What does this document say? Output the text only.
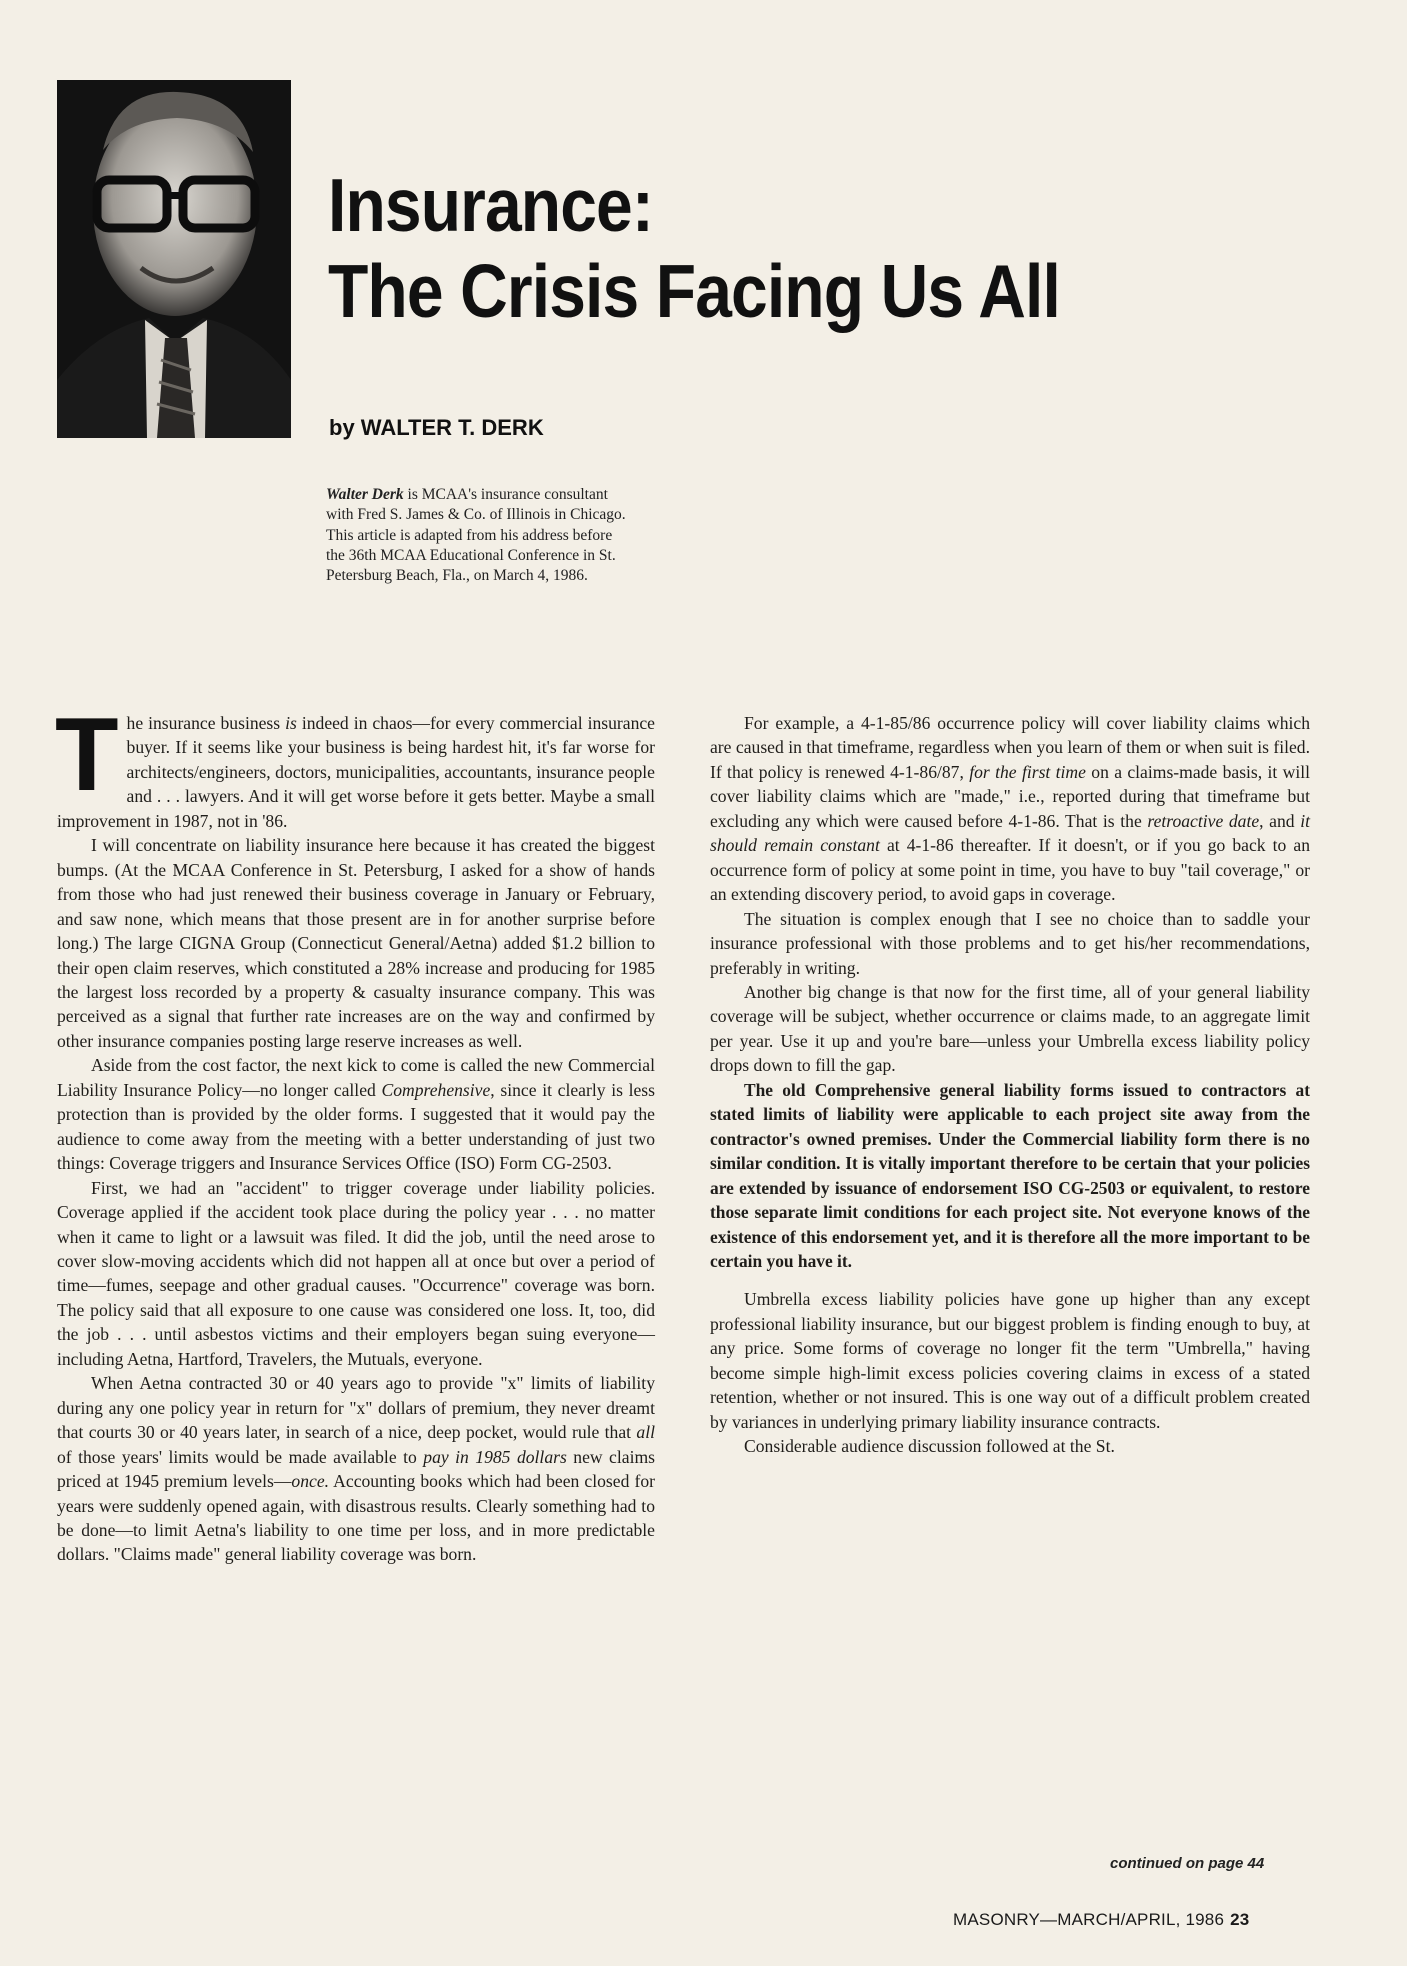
Insurance:
The Crisis Facing Us All
by WALTER T. DERK
Walter Derk is MCAA's insurance consultant with Fred S. James & Co. of Illinois in Chicago. This article is adapted from his address before the 36th MCAA Educational Conference in St. Petersburg Beach, Fla., on March 4, 1986.

The insurance business is indeed in chaos—for every commercial insurance buyer. If it seems like your business is being hardest hit, it's far worse for architects/engineers, doctors, municipalities, accountants, insurance people and . . . lawyers. And it will get worse before it gets better. Maybe a small improvement in 1987, not in '86.

I will concentrate on liability insurance here because it has created the biggest bumps. (At the MCAA Conference in St. Petersburg, I asked for a show of hands from those who had just renewed their business coverage in January or February, and saw none, which means that those present are in for another surprise before long.) The large CIGNA Group (Connecticut General/Aetna) added $1.2 billion to their open claim reserves, which constituted a 28% increase and producing for 1985 the largest loss recorded by a property & casualty insurance company. This was perceived as a signal that further rate increases are on the way and confirmed by other insurance companies posting large reserve increases as well.

Aside from the cost factor, the next kick to come is called the new Commercial Liability Insurance Policy—no longer called Comprehensive, since it clearly is less protection than is provided by the older forms. I suggested that it would pay the audience to come away from the meeting with a better understanding of just two things: Coverage triggers and Insurance Services Office (ISO) Form CG-2503.

First, we had an "accident" to trigger coverage under liability policies. Coverage applied if the accident took place during the policy year . . . no matter when it came to light or a lawsuit was filed. It did the job, until the need arose to cover slow-moving accidents which did not happen all at once but over a period of time—fumes, seepage and other gradual causes. "Occurrence" coverage was born. The policy said that all exposure to one cause was considered one loss. It, too, did the job . . . until asbestos victims and their employers began suing everyone—including Aetna, Hartford, Travelers, the Mutuals, everyone.

When Aetna contracted 30 or 40 years ago to provide "x" limits of liability during any one policy year in return for "x" dollars of premium, they never dreamt that courts 30 or 40 years later, in search of a nice, deep pocket, would rule that all of those years' limits would be made available to pay in 1985 dollars new claims priced at 1945 premium levels—once. Accounting books which had been closed for years were suddenly opened again, with disastrous results. Clearly something had to be done—to limit Aetna's liability to one time per loss, and in more predictable dollars. "Claims made" general liability coverage was born.

For example, a 4-1-85/86 occurrence policy will cover liability claims which are caused in that timeframe, regardless when you learn of them or when suit is filed. If that policy is renewed 4-1-86/87, for the first time on a claims-made basis, it will cover liability claims which are "made," i.e., reported during that timeframe but excluding any which were caused before 4-1-86. That is the retroactive date, and it should remain constant at 4-1-86 thereafter. If it doesn't, or if you go back to an occurrence form of policy at some point in time, you have to buy "tail coverage," or an extending discovery period, to avoid gaps in coverage.

The situation is complex enough that I see no choice than to saddle your insurance professional with those problems and to get his/her recommendations, preferably in writing.

Another big change is that now for the first time, all of your general liability coverage will be subject, whether occurrence or claims made, to an aggregate limit per year. Use it up and you're bare—unless your Umbrella excess liability policy drops down to fill the gap.

The old Comprehensive general liability forms issued to contractors at stated limits of liability were applicable to each project site away from the contractor's owned premises. Under the Commercial liability form there is no similar condition. It is vitally important therefore to be certain that your policies are extended by issuance of endorsement ISO CG-2503 or equivalent, to restore those separate limit conditions for each project site. Not everyone knows of the existence of this endorsement yet, and it is therefore all the more important to be certain you have it.

Umbrella excess liability policies have gone up higher than any except professional liability insurance, but our biggest problem is finding enough to buy, at any price. Some forms of coverage no longer fit the term "Umbrella," having become simple high-limit excess policies covering claims in excess of a stated retention, whether or not insured. This is one way out of a difficult problem created by variances in underlying primary liability insurance contracts.

Considerable audience discussion followed at the St.

continued on page 44
MASONRY—MARCH/APRIL, 1986 23
